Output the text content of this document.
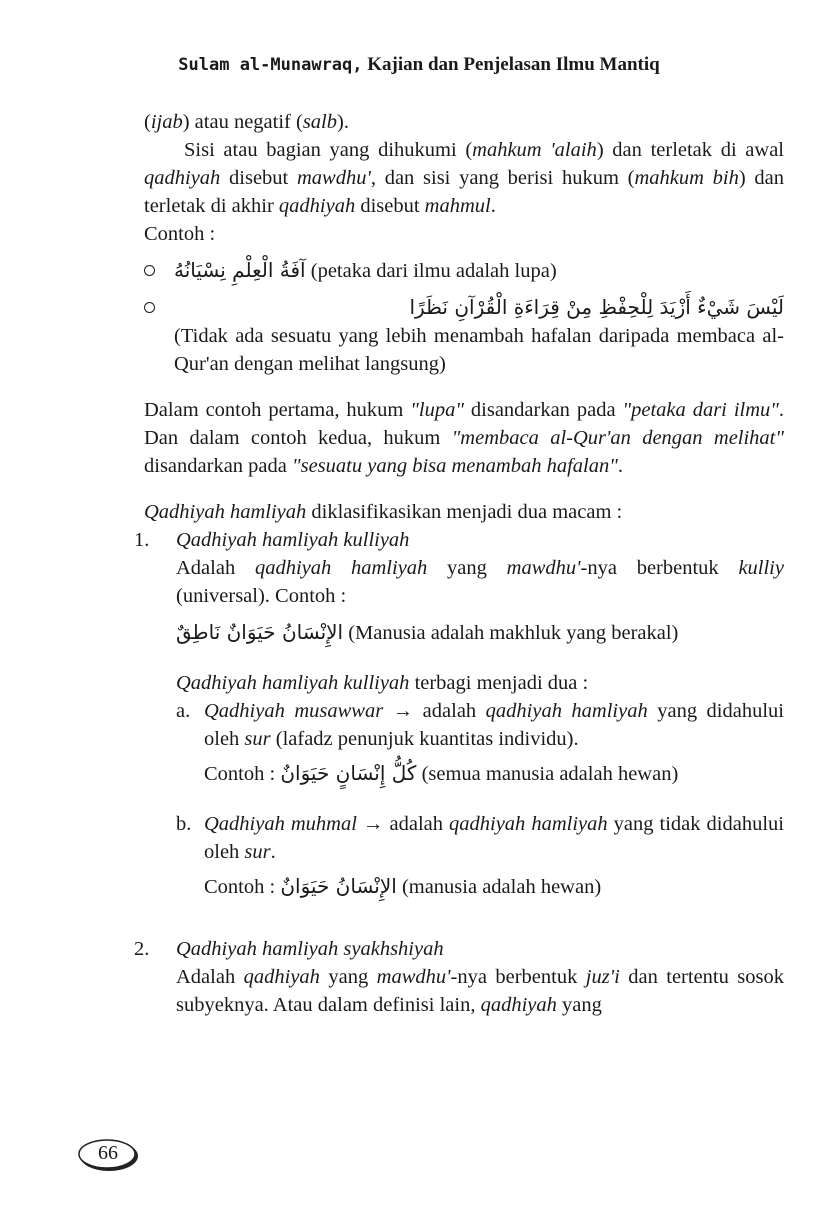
Sulam al-Munawraq, Kajian dan Penjelasan Ilmu Mantiq

(ijab) atau negatif (salb).

Sisi atau bagian yang dihukumi (mahkum 'alaih) dan terletak di awal qadhiyah disebut mawdhu', dan sisi yang berisi hukum (mahkum bih) dan terletak di akhir qadhiyah disebut mahmul.

Contoh :

آفَةُ الْعِلْمِ نِسْيَانُهُ (petaka dari ilmu adalah lupa)
لَيْسَ شَيْءٌ أَزْيَدَ لِلْحِفْظِ مِنْ قِرَاءَةِ الْقُرْآنِ نَظَرًا

(Tidak ada sesuatu yang lebih menambah hafalan daripada membaca al-Qur'an dengan melihat langsung)

Dalam contoh pertama, hukum "lupa" disandarkan pada "petaka dari ilmu". Dan dalam contoh kedua, hukum "membaca al-Qur'an dengan melihat" disandarkan pada "sesuatu yang bisa menambah hafalan".

Qadhiyah hamliyah diklasifikasikan menjadi dua macam :

1. Qadhiyah hamliyah kulliyah

Adalah qadhiyah hamliyah yang mawdhu'-nya berbentuk kulliy (universal). Contoh :

الإِنْسَانُ حَيَوَانٌ نَاطِقٌ (Manusia adalah makhluk yang berakal)

Qadhiyah hamliyah kulliyah terbagi menjadi dua :

a. Qadhiyah musawwar → adalah qadhiyah hamliyah yang didahului oleh sur (lafadz penunjuk kuantitas individu).

Contoh : كُلُّ إِنْسَانٍ حَيَوَانٌ (semua manusia adalah hewan)

b. Qadhiyah muhmal → adalah qadhiyah hamliyah yang tidak didahului oleh sur.

Contoh : الإِنْسَانُ حَيَوَانٌ (manusia adalah hewan)

2. Qadhiyah hamliyah syakhshiyah

Adalah qadhiyah yang mawdhu'-nya berbentuk juz'i dan tertentu sosok subyeknya. Atau dalam definisi lain, qadhiyah yang

66
